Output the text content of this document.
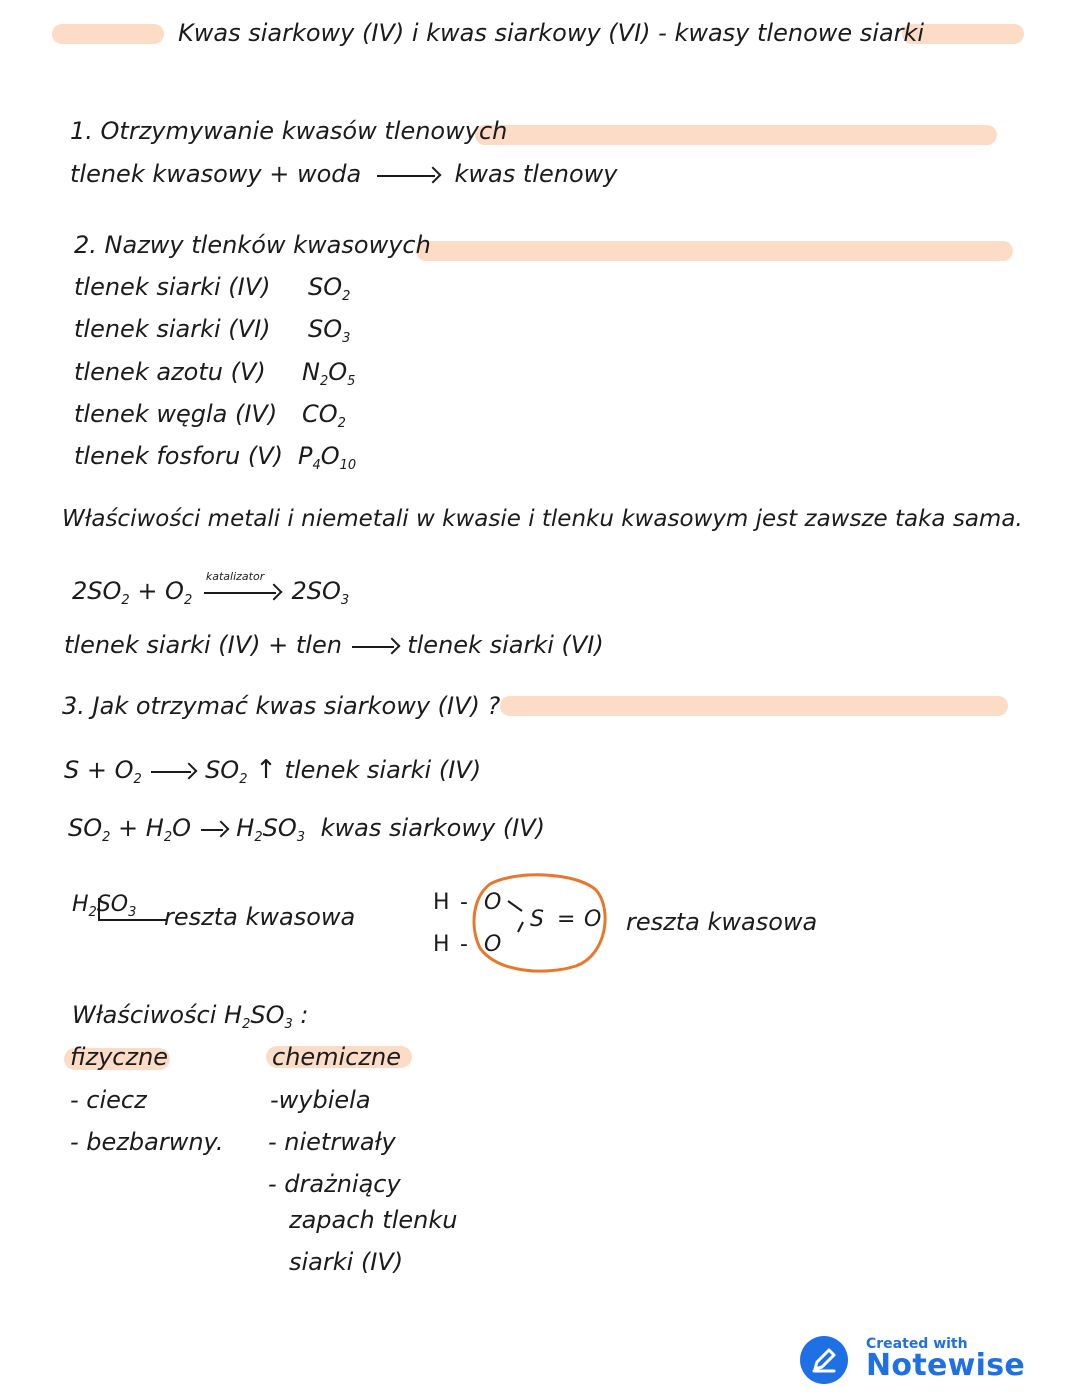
Kwas siarkowy (IV) i kwas siarkowy (VI) - kwasy tlenowe siarki
1. Otrzymywanie kwasów tlenowych
tlenek kwasowy + woda	kwas tlenowy
2. Nazwy tlenków kwasowych
tlenek siarki (IV) $SO_2$
tlenek siarki (VI) $SO_3$
tlenek azotu (V) $N_2O_5$
tlenek węgla (IV) $CO_2$
tlenek fosforu (V) $P_4O_{10}$
Właściwości metali i niemetali w kwasie i tlenku kwasowym jest zawsze taka sama.
$2SO_2 + O_2$
katalizator
$2SO_3$
tlenek siarki (IV) + tlen	tlenek siarki (VI)
3. Jak otrzymać kwas siarkowy (IV) ?
$S + O_2$	$SO_2$ ↑ tlenek siarki (IV)
$SO_2 + H_2O$ $H_2SO_3$ kwas siarkowy (IV)
$H_2SO_3$ reszta kwasowa
H - O
H - O
S = O reszta kwasowa
Właściwości $H_2SO_3$ :
fizyczne	chemiczne
- ciecz
- bezbarwny.
-wybiela
- nietrwały
- drażniący
zapach tlenku
siarki (IV)
Created with
Notewise
